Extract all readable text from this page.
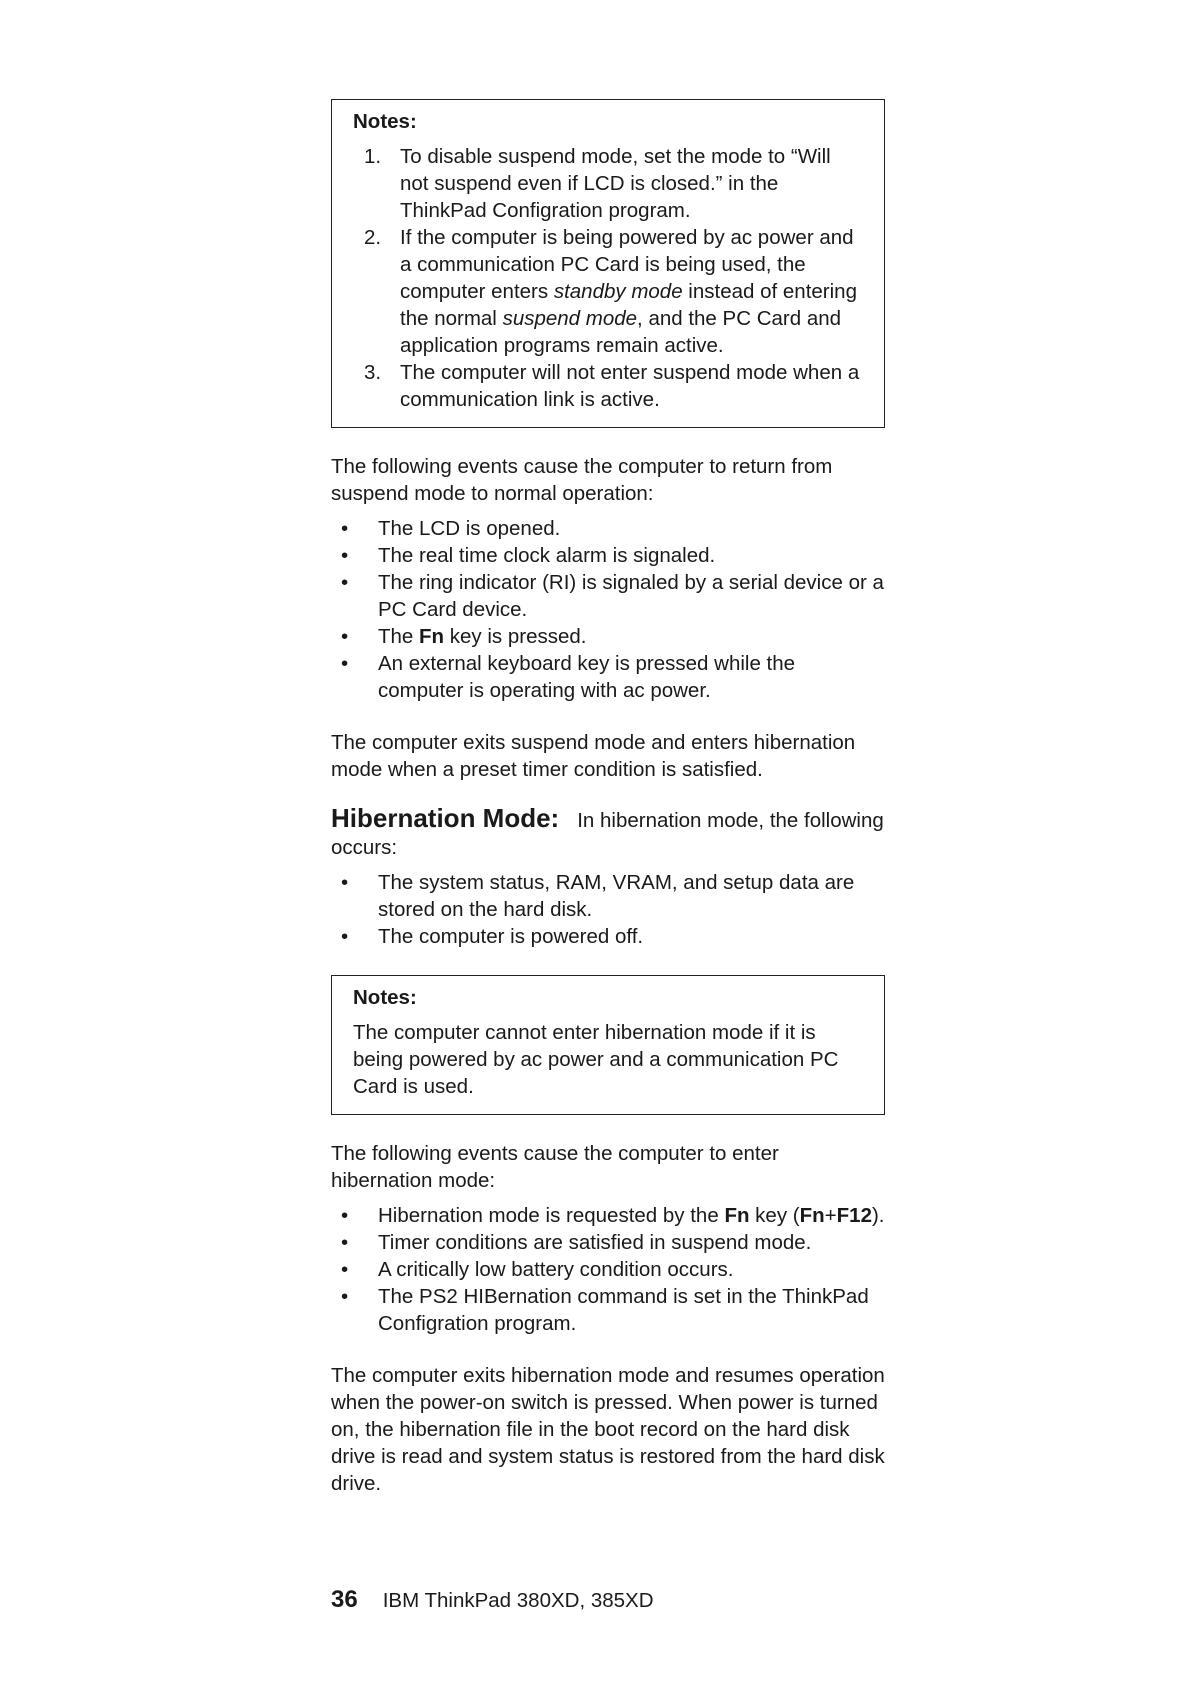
Notes:
1. To disable suspend mode, set the mode to “Will not suspend even if LCD is closed.” in the ThinkPad Configration program.
2. If the computer is being powered by ac power and a communication PC Card is being used, the computer enters standby mode instead of entering the normal suspend mode, and the PC Card and application programs remain active.
3. The computer will not enter suspend mode when a communication link is active.

The following events cause the computer to return from suspend mode to normal operation:

• The LCD is opened.
• The real time clock alarm is signaled.
• The ring indicator (RI) is signaled by a serial device or a PC Card device.
• The Fn key is pressed.
• An external keyboard key is pressed while the computer is operating with ac power.

The computer exits suspend mode and enters hibernation mode when a preset timer condition is satisfied.

Hibernation Mode: In hibernation mode, the following occurs:

• The system status, RAM, VRAM, and setup data are stored on the hard disk.
• The computer is powered off.
Notes:

The computer cannot enter hibernation mode if it is being powered by ac power and a communication PC Card is used.

The following events cause the computer to enter hibernation mode:

• Hibernation mode is requested by the Fn key (Fn+F12).
• Timer conditions are satisfied in suspend mode.
• A critically low battery condition occurs.
• The PS2 HIBernation command is set in the ThinkPad Configration program.

The computer exits hibernation mode and resumes operation when the power-on switch is pressed. When power is turned on, the hibernation file in the boot record on the hard disk drive is read and system status is restored from the hard disk drive.

36 IBM ThinkPad 380XD, 385XD
